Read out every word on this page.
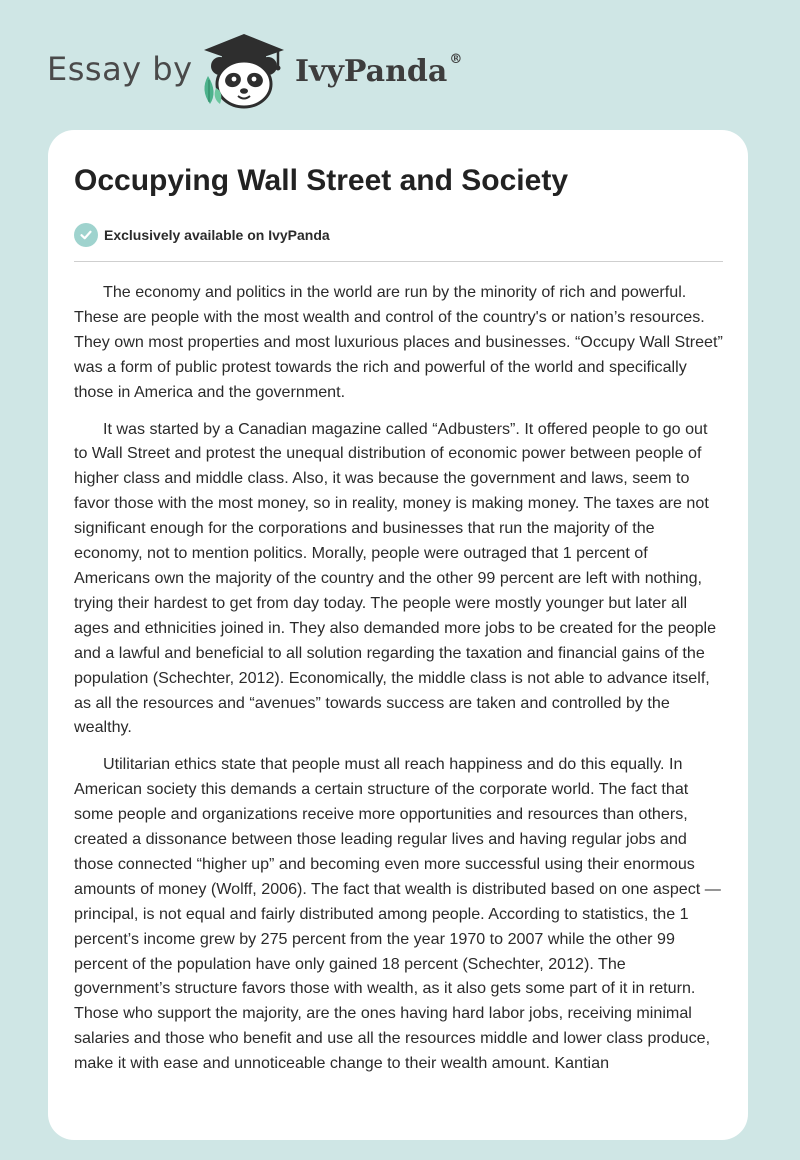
Essay by	IvyPanda ®
Occupying Wall Street and Society
Exclusively available on IvyPanda

The economy and politics in the world are run by the minority of rich and powerful. These are people with the most wealth and control of the country's or nation’s resources. They own most properties and most luxurious places and businesses. “Occupy Wall Street” was a form of public protest towards the rich and powerful of the world and specifically those in America and the government.

It was started by a Canadian magazine called “Adbusters”. It offered people to go out to Wall Street and protest the unequal distribution of economic power between people of higher class and middle class. Also, it was because the government and laws, seem to favor those with the most money, so in reality, money is making money. The taxes are not significant enough for the corporations and businesses that run the majority of the economy, not to mention politics. Morally, people were outraged that 1 percent of Americans own the majority of the country and the other 99 percent are left with nothing, trying their hardest to get from day today. The people were mostly younger but later all ages and ethnicities joined in. They also demanded more jobs to be created for the people and a lawful and beneficial to all solution regarding the taxation and financial gains of the population (Schechter, 2012). Economically, the middle class is not able to advance itself, as all the resources and “avenues” towards success are taken and controlled by the wealthy.

Utilitarian ethics state that people must all reach happiness and do this equally. In American society this demands a certain structure of the corporate world. The fact that some people and organizations receive more opportunities and resources than others, created a dissonance between those leading regular lives and having regular jobs and those connected “higher up” and becoming even more successful using their enormous amounts of money (Wolff, 2006). The fact that wealth is distributed based on one aspect —principal, is not equal and fairly distributed among people. According to statistics, the 1 percent’s income grew by 275 percent from the year 1970 to 2007 while the other 99 percent of the population have only gained 18 percent (Schechter, 2012). The government’s structure favors those with wealth, as it also gets some part of it in return. Those who support the majority, are the ones having hard labor jobs, receiving minimal salaries and those who benefit and use all the resources middle and lower class produce, make it with ease and unnoticeable change to their wealth amount. Kantian
